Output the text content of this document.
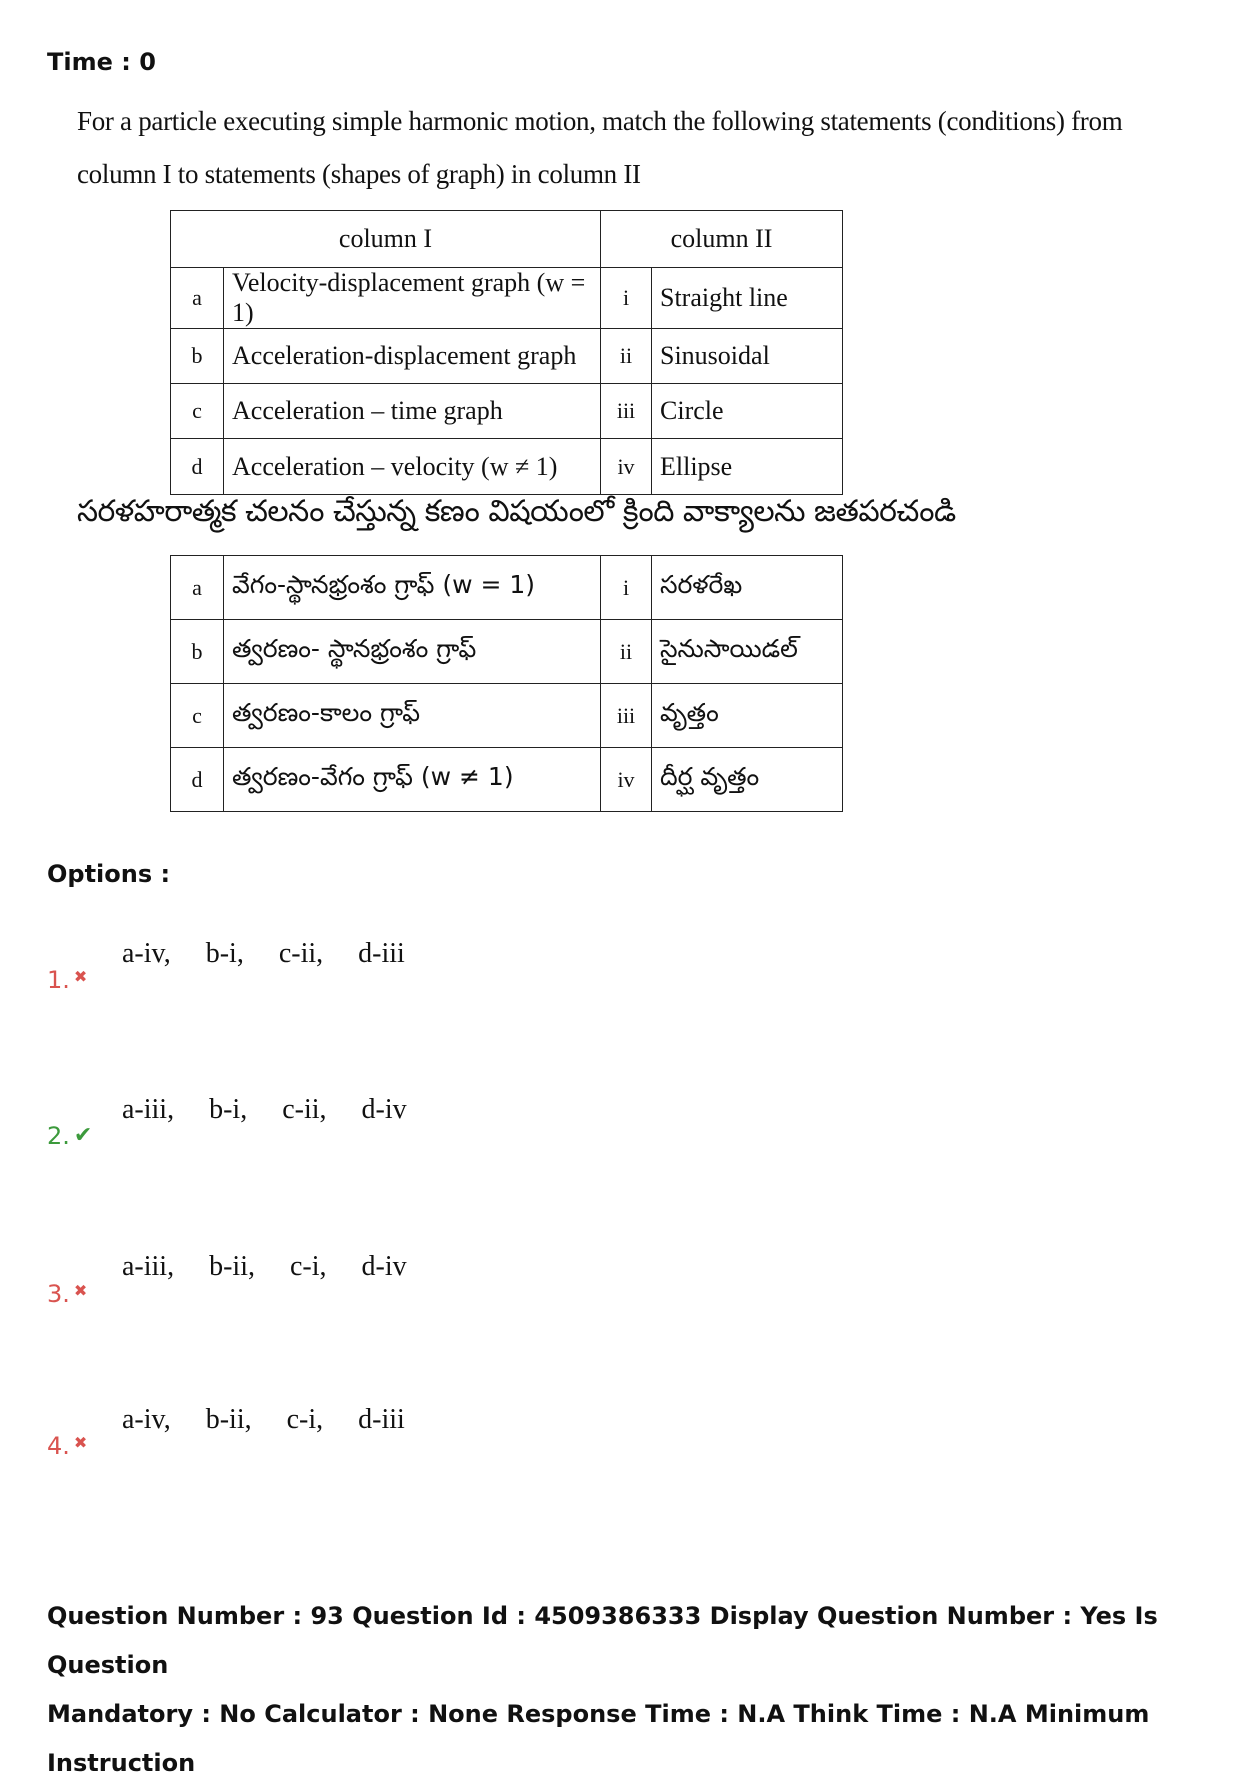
Time : 0
For a particle executing simple harmonic motion, match the following statements (conditions) from
column I to statements (shapes of graph) in column II
column I		column II	
a	Velocity-displacement graph (w = 1)	i	Straight line
b	Acceleration-displacement graph	ii	Sinusoidal
c	Acceleration – time graph	iii	Circle
d	Acceleration – velocity (w ≠ 1)	iv	Ellipse
సరళహరాత్మక చలనం చేస్తున్న కణం విషయంలో క్రింది వాక్యాలను జతపరచండి
a	వేగం-స్థానభ్రంశం గ్రాఫ్ (w = 1)	i	సరళరేఖ
b	త్వరణం- స్థానభ్రంశం గ్రాఫ్	ii	సైనుసాయిడల్
c	త్వరణం-కాలం గ్రాఫ్	iii	వృత్తం
d	త్వరణం-వేగం గ్రాఫ్ (w ≠ 1)	iv	దీర్ఘ వృత్తం
Options :
a-iv, b-i, c-ii, d-iii
1. ✖
a-iii, b-i, c-ii, d-iv
2. ✔
a-iii, b-ii, c-i, d-iv
3. ✖
a-iv, b-ii, c-i, d-iii
4. ✖
Question Number : 93 Question Id : 4509386333 Display Question Number : Yes Is Question
Mandatory : No Calculator : None Response Time : N.A Think Time : N.A Minimum Instruction
